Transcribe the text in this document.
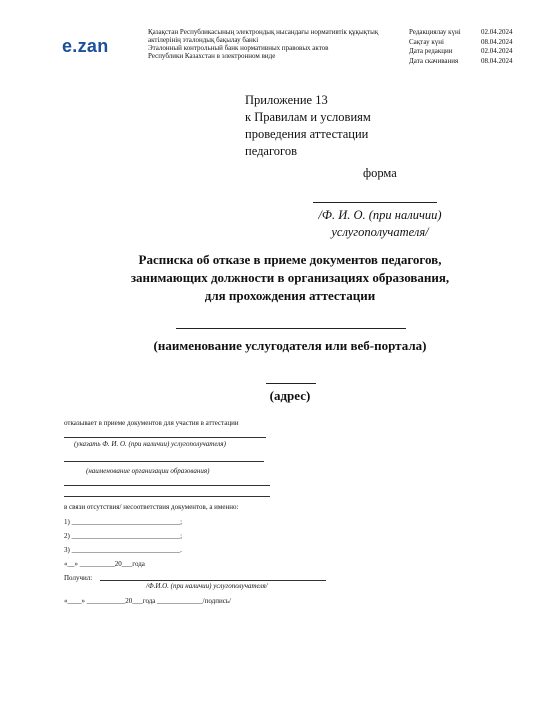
e.zan
Қазақстан Республикасының электрондық нысандағы нормативтік құқықтық
актілерінің эталондық бақылау банкі
Эталонный контрольный банк нормативных правовых актов
Республики Казахстан в электронном виде
Редакциялау күні	02.04.2024
Сақтау күні	08.04.2024
Дата редакции	02.04.2024
Дата скачивания	08.04.2024
Приложение 13
к Правилам и условиям
проведения аттестации
педагогов
форма
/Ф. И. О. (при наличии)
услугополучателя/
Расписка об отказе в приеме документов педагогов,
занимающих должности в организациях образования,
для прохождения аттестации
(наименование услугодателя или веб-портала)
(адрес)
отказывает в приеме документов для участия в аттестации
(указать Ф. И. О. (при наличии) услугополучателя)
(наименование организации образования)
в связи отсутствия/ несоответствия документов, а именно:
1) _______________________________;
2) _______________________________;
3) _______________________________.
«__» __________20___года
Получил:
/Ф.И.О. (при наличии) услугополучателя/
«____» ___________20___года _____________/подпись/
